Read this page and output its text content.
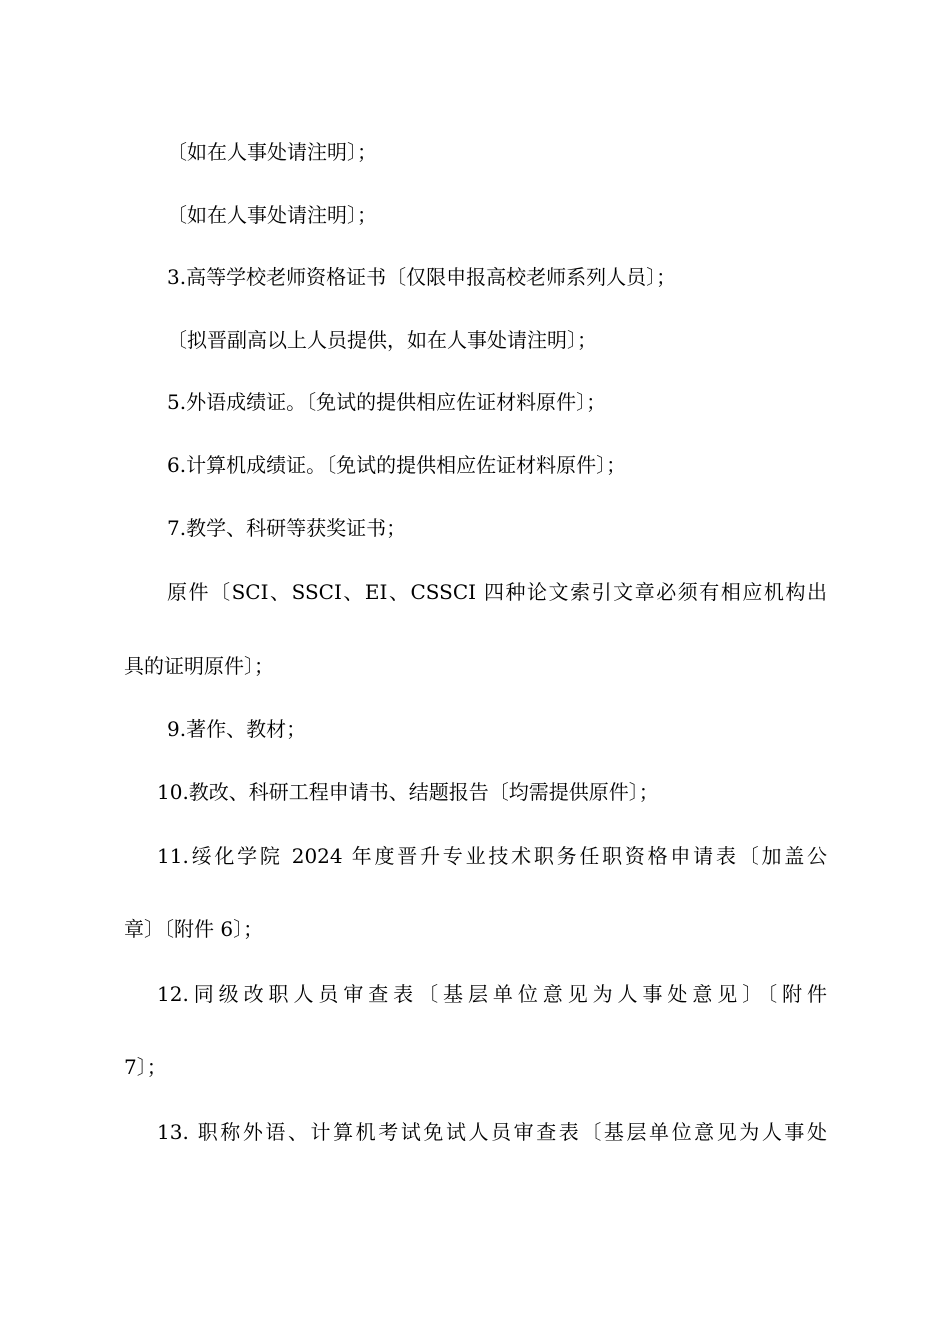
〔如在人事处请注明〕；
〔如在人事处请注明〕；
3.高等学校老师资格证书〔仅限申报高校老师系列人员〕；
〔拟晋副高以上人员提供，如在人事处请注明〕；
5.外语成绩证。〔免试的提供相应佐证材料原件〕；
6.计算机成绩证。〔免试的提供相应佐证材料原件〕；
7.教学、科研等获奖证书；
原件〔SCI、SSCI、EI、CSSCI 四种论文索引文章必须有相应机构出
具的证明原件〕；
9.著作、教材；
10.教改、科研工程申请书、结题报告〔均需提供原件〕；
11.绥化学院 2024 年度晋升专业技术职务任职资格申请表〔加盖公
章〕〔附件 6〕；
12.同级改职人员审查表〔基层单位意见为人事处意见〕〔附件
7〕；
13. 职称外语、计算机考试免试人员审查表〔基层单位意见为人事处
